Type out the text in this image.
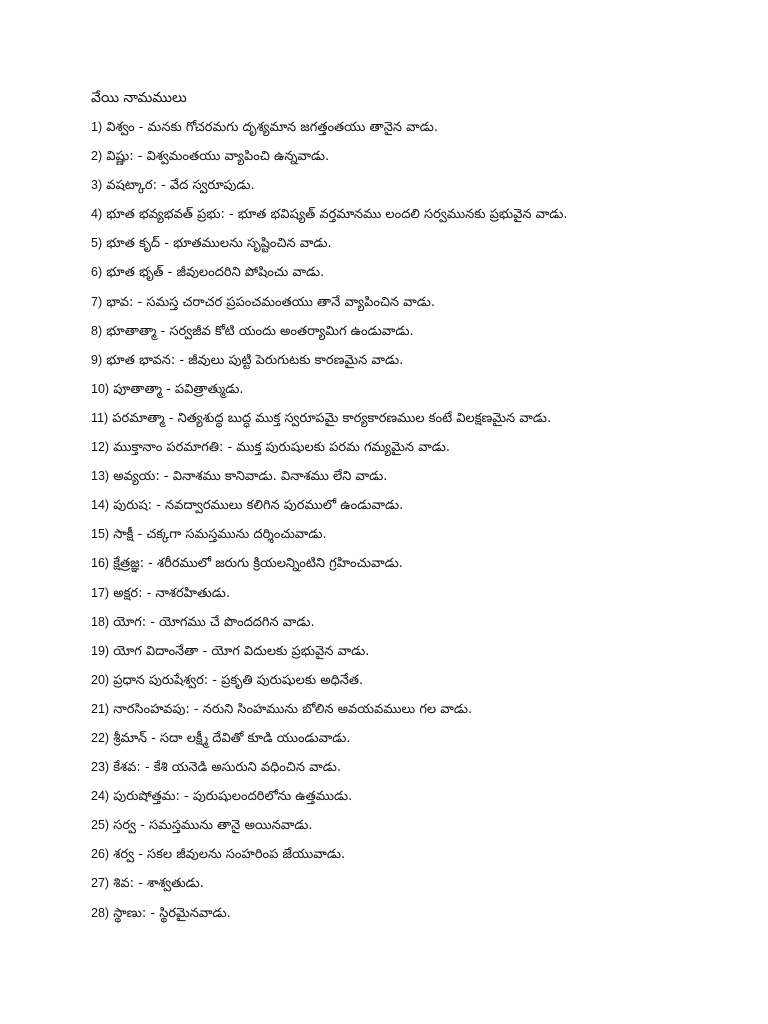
వేయి నామములు
1) విశ్వం - మనకు గోచరమగు దృశ్యమాన జగత్తంతయు తానైన వాడు.
2) విష్ణు: - విశ్వమంతయు వ్యాపించి ఉన్నవాడు.
3) వషట్కార: - వేద స్వరూపుడు.
4) భూత భవ్యభవత్ ప్రభు: - భూత భవిష్యత్ వర్తమానము లందలి సర్వమునకు ప్రభువైన వాడు.
5) భూత కృద్ - భూతములను సృష్టించిన వాడు.
6) భూత భృత్ - జీవులందరిని పోషించు వాడు.
7) భావ: - సమస్త చరాచర ప్రపంచమంతయు తానే వ్యాపించిన వాడు.
8) భూతాత్మా - సర్వజీవ కోటి యందు అంతర్యామిగ ఉండువాడు.
9) భూత భావన: - జీవులు పుట్టి పెరుగుటకు కారణమైన వాడు.
10) పూతాత్మా - పవిత్రాత్ముడు.
11) పరమాత్మా - నిత్యశుద్ధ బుద్ధ ముక్త స్వరూపమై కార్యకారణముల కంటే విలక్షణమైన వాడు.
12) ముక్తానాం పరమాగతి: - ముక్త పురుషులకు పరమ గమ్యమైన వాడు.
13) అవ్యయ: - వినాశము కానివాడు. వినాశము లేని వాడు.
14) పురుష: - నవద్వారములు కలిగిన పురములో ఉండువాడు.
15) సాక్షీ - చక్కగా సమస్తమును దర్శించువాడు.
16) క్షేత్రజ్ఞ: - శరీరములో జరుగు క్రియలన్నింటిని గ్రహించువాడు.
17) అక్షర: - నాశరహితుడు.
18) యోగ: - యోగము చే పొందదగిన వాడు.
19) యోగ విదాంనేతా - యోగ విదులకు ప్రభువైన వాడు.
20) ప్రధాన పురుషేశ్వర: - ప్రకృతి పురుషులకు అధినేత.
21) నారసింహవపు: - నరుని సింహమును బోలిన అవయవములు గల వాడు.
22) శ్రీమాన్ - సదా లక్ష్మీ దేవితో కూడి యుండువాడు.
23) కేశవ: - కేశి యనెడి అసురుని వధించిన వాడు.
24) పురుషోత్తమ: - పురుషులందరిలోను ఉత్తముడు.
25) సర్వ - సమస్తమును తానై అయినవాడు.
26) శర్వ - సకల జీవులను సంహరింప జేయువాడు.
27) శివ: - శాశ్వతుడు.
28) స్థాణు: - స్థిరమైనవాడు.
